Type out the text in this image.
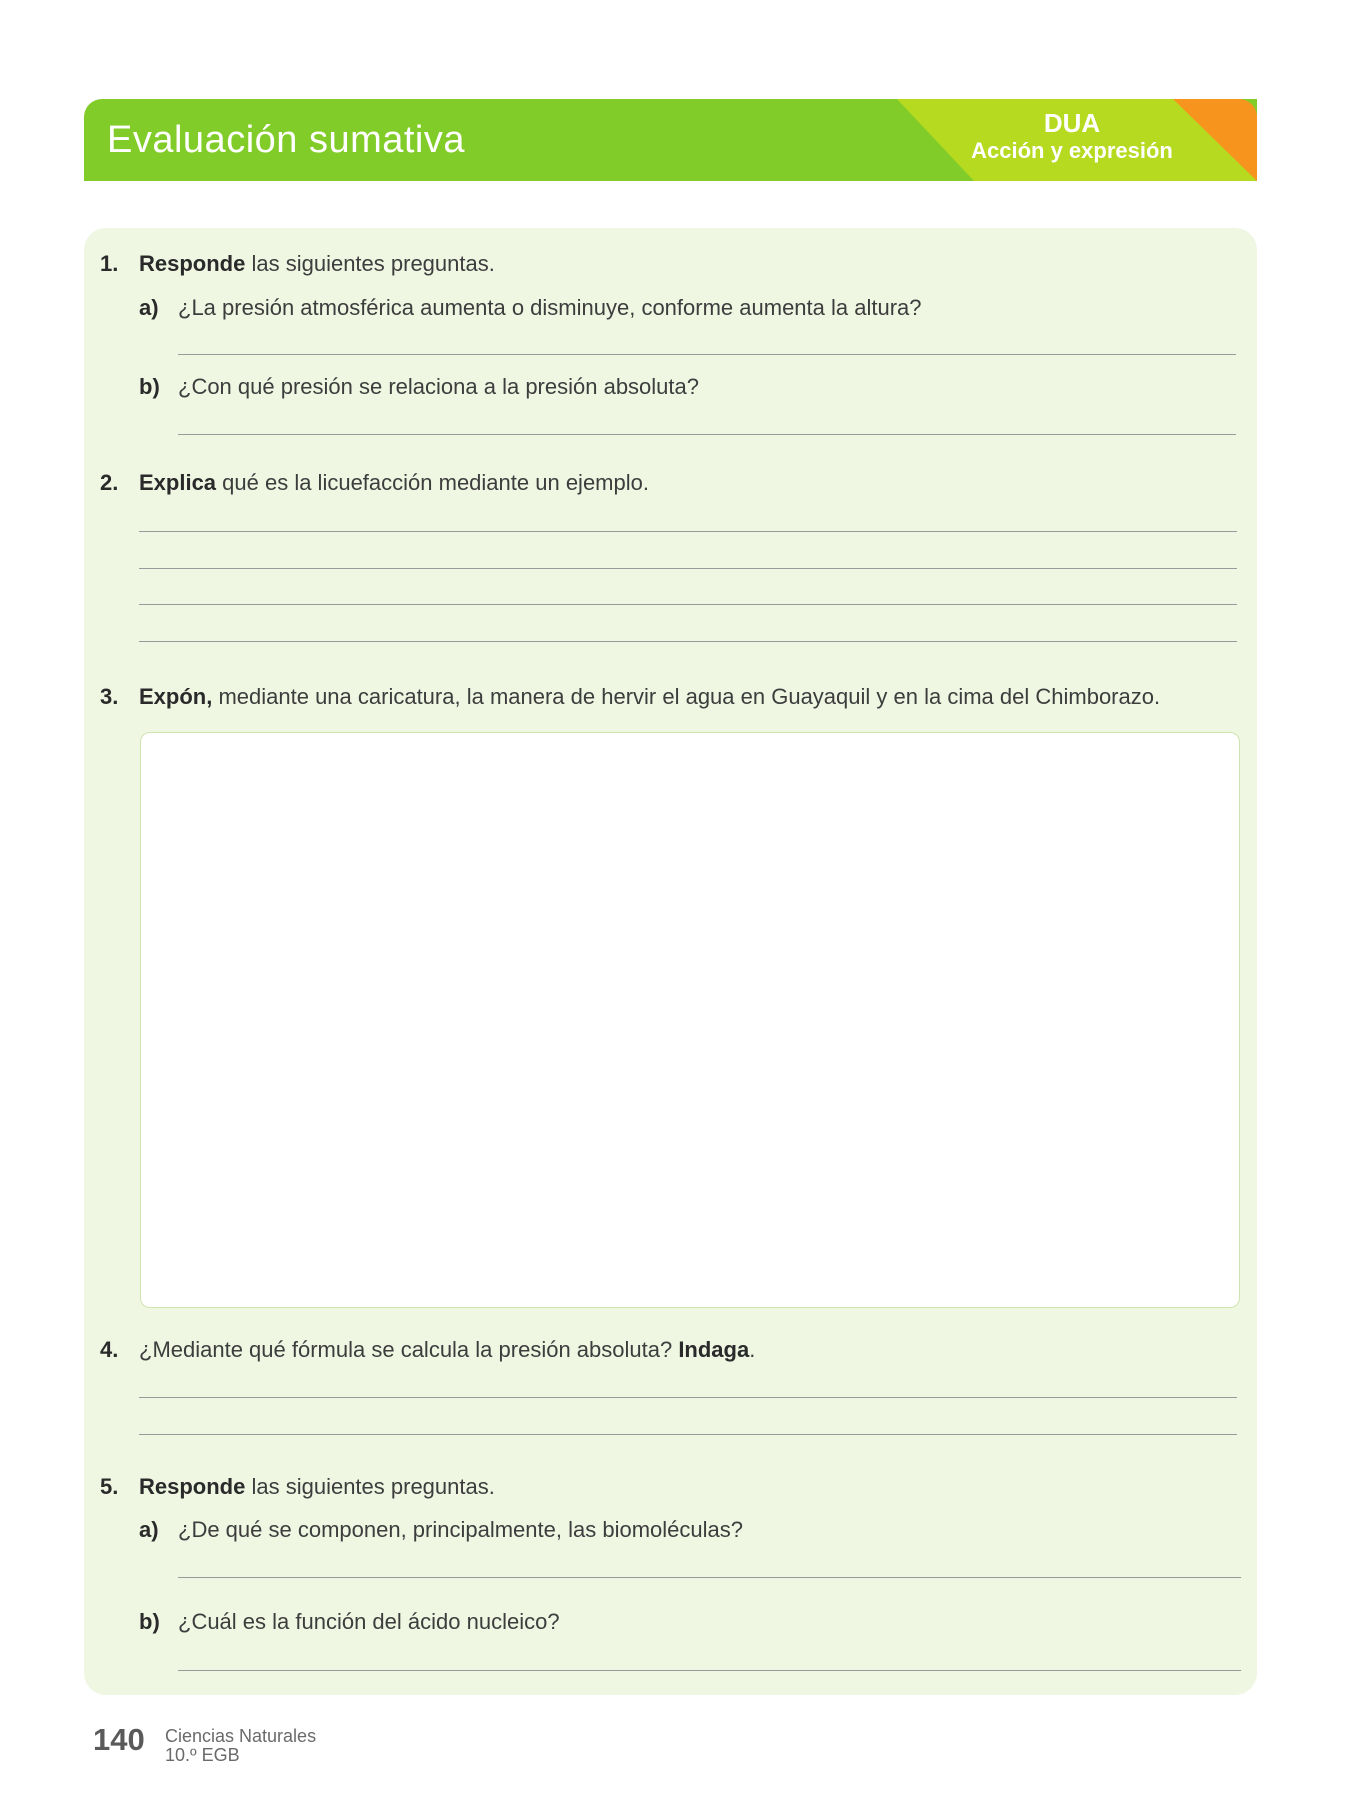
Evaluación sumativa	DUA
Acción y expresión
1. Responde las siguientes preguntas.
a) ¿La presión atmosférica aumenta o disminuye, conforme aumenta la altura?
b) ¿Con qué presión se relaciona a la presión absoluta?
2. Explica qué es la licuefacción mediante un ejemplo.
3. Expón, mediante una caricatura, la manera de hervir el agua en Guayaquil y en la cima del Chimborazo.
4. ¿Mediante qué fórmula se calcula la presión absoluta? Indaga.
5. Responde las siguientes preguntas.
a) ¿De qué se componen, principalmente, las biomoléculas?
b) ¿Cuál es la función del ácido nucleico?
140 Ciencias Naturales
10.º EGB
